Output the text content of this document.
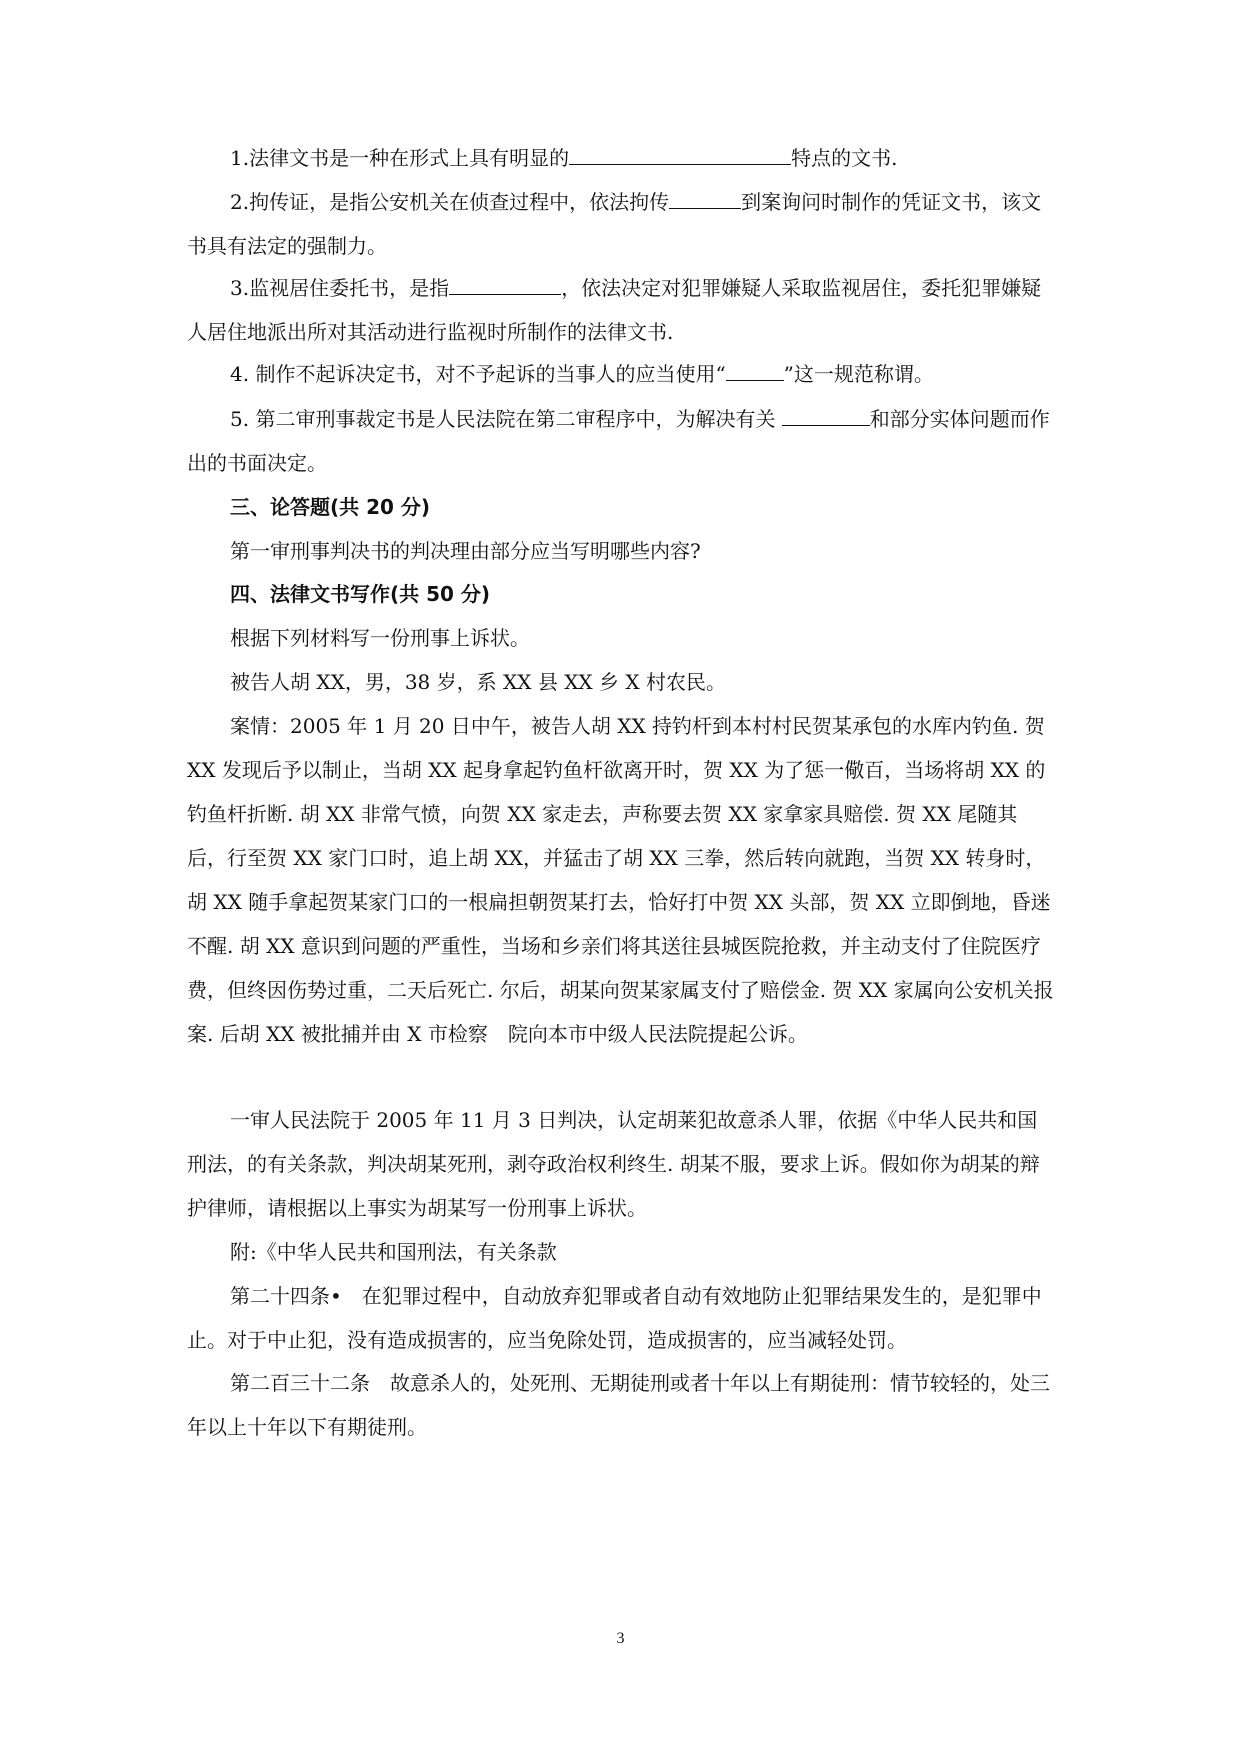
1.法律文书是一种在形式上具有明显的	特点的文书.

2.拘传证，是指公安机关在侦查过程中，依法拘传	到案询问时制作的凭证文书，该文书具有法定的强制力。

3.监视居住委托书，是指	，依法决定对犯罪嫌疑人采取监视居住，委托犯罪嫌疑人居住地派出所对其活动进行监视时所制作的法律文书.

4. 制作不起诉决定书，对不予起诉的当事人的应当使用“	”这一规范称谓。

5. 第二审刑事裁定书是人民法院在第二审程序中，为解决有关	和部分实体问题而作出的书面决定。

三、论答题(共 20 分)

第一审刑事判决书的判决理由部分应当写明哪些内容?

四、法律文书写作(共 50 分)

根据下列材料写一份刑事上诉状。

被告人胡 XX，男，38 岁，系 XX 县 XX 乡 X 村农民。

案情：2005 年 1 月 20 日中午，被告人胡 XX 持钓杆到本村村民贺某承包的水库内钓鱼. 贺 XX 发现后予以制止，当胡 XX 起身拿起钓鱼杆欲离开时，贺 XX 为了惩一儆百，当场将胡 XX 的钓鱼杆折断. 胡 XX 非常气愤，向贺 XX 家走去，声称要去贺 XX 家拿家具赔偿. 贺 XX 尾随其后，行至贺 XX 家门口时，追上胡 XX，并猛击了胡 XX 三拳，然后转向就跑，当贺 XX 转身时，胡 XX 随手拿起贺某家门口的一根扁担朝贺某打去，恰好打中贺 XX 头部，贺 XX 立即倒地，昏迷不醒. 胡 XX 意识到问题的严重性，当场和乡亲们将其送往县城医院抢救，并主动支付了住院医疗费，但终因伤势过重，二天后死亡. 尔后，胡某向贺某家属支付了赔偿金. 贺 XX 家属向公安机关报案. 后胡 XX 被批捕并由 X 市检察　院向本市中级人民法院提起公诉。

一审人民法院于 2005 年 11 月 3 日判决，认定胡莱犯故意杀人罪，依据《中华人民共和国刑法，的有关条款，判决胡某死刑，剥夺政治权利终生. 胡某不服，要求上诉。假如你为胡某的辩护律师，请根据以上事实为胡某写一份刑事上诉状。

附:《中华人民共和国刑法，有关条款

第二十四条•　在犯罪过程中，自动放弃犯罪或者自动有效地防止犯罪结果发生的，是犯罪中止。对于中止犯，没有造成损害的，应当免除处罚，造成损害的，应当减轻处罚。

第二百三十二条　故意杀人的，处死刑、无期徒刑或者十年以上有期徒刑：情节较轻的，处三年以上十年以下有期徒刑。

3
